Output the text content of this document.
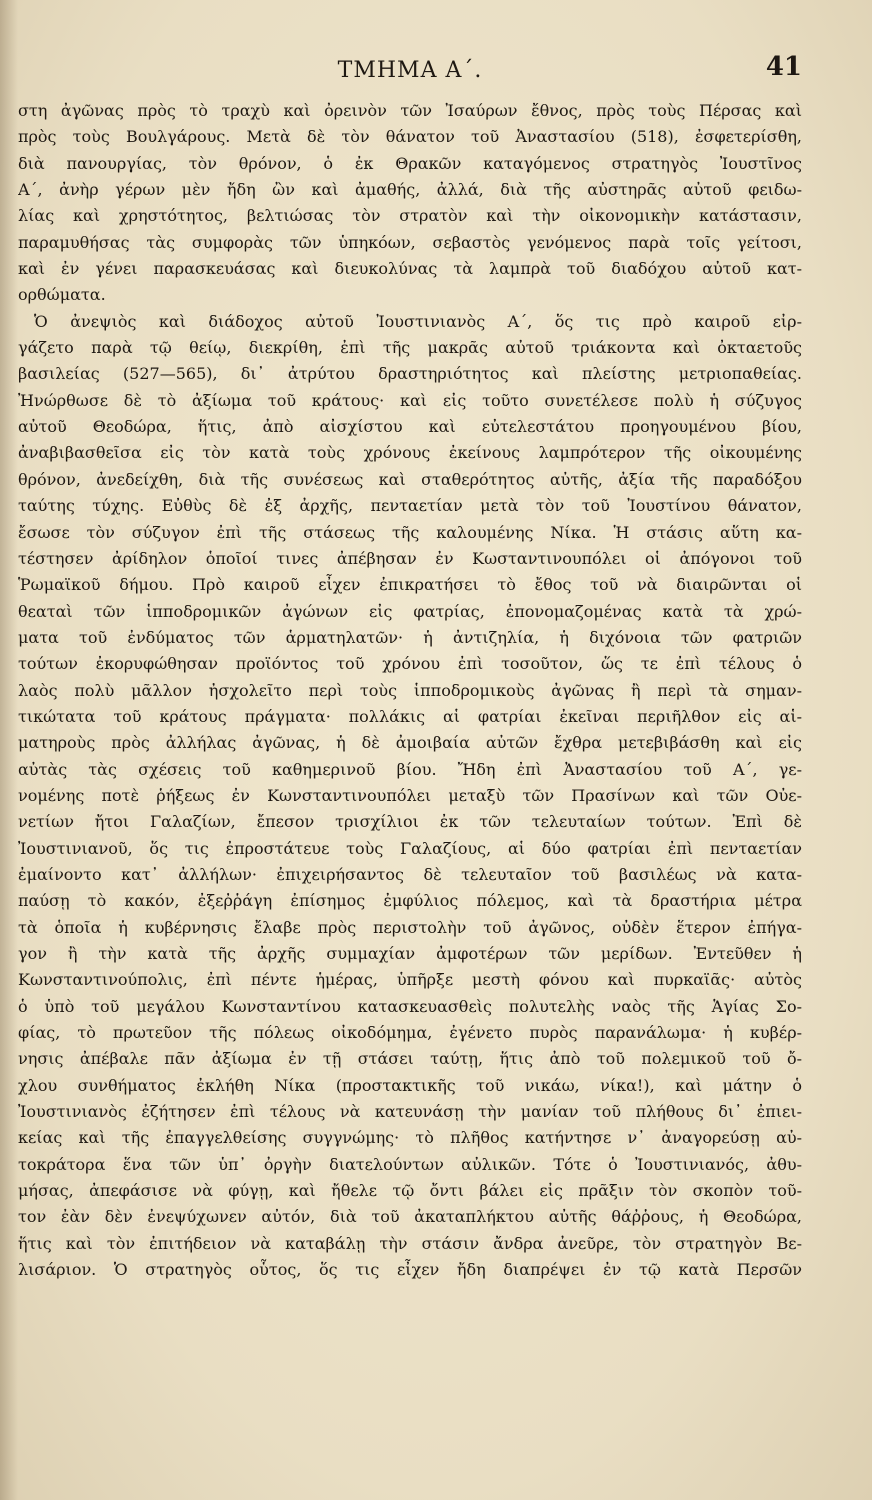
ΤΜΗΜΑ Α΄.	41
στη ἀγῶνας πρὸς τὸ τραχὺ καὶ ὀρεινὸν τῶν Ἰσαύρων ἔθνος, πρὸς τοὺς Πέρσας καὶ
πρὸς τοὺς Βουλγάρους. Μετὰ δὲ τὸν θάνατον τοῦ Ἀναστασίου (518), ἐσφετερίσθη,
διὰ πανουργίας, τὸν θρόνον, ὁ ἐκ Θρακῶν καταγόμενος στρατηγὸς Ἰουστῖνος
Α΄, ἀνὴρ γέρων μὲν ἤδη ὢν καὶ ἀμαθής, ἀλλά, διὰ τῆς αὐστηρᾶς αὐτοῦ φειδω-
λίας καὶ χρηστότητος, βελτιώσας τὸν στρατὸν καὶ τὴν οἰκονομικὴν κατάστασιν,
παραμυθήσας τὰς συμφορὰς τῶν ὑπηκόων, σεβαστὸς γενόμενος παρὰ τοῖς γείτοσι,
καὶ ἐν γένει παρασκευάσας καὶ διευκολύνας τὰ λαμπρὰ τοῦ διαδόχου αὐτοῦ κατ-
ορθώματα.
Ὁ ἀνεψιὸς καὶ διάδοχος αὐτοῦ Ἰουστινιανὸς Α΄, ὅς τις πρὸ καιροῦ εἰρ-
γάζετο παρὰ τῷ θείῳ, διεκρίθη, ἐπὶ τῆς μακρᾶς αὐτοῦ τριάκοντα καὶ ὀκταετοῦς
βασιλείας (527—565), δι᾽ ἀτρύτου δραστηριότητος καὶ πλείστης μετριοπαθείας.
Ἠνώρθωσε δὲ τὸ ἀξίωμα τοῦ κράτους· καὶ εἰς τοῦτο συνετέλεσε πολὺ ἡ σύζυγος
αὐτοῦ Θεοδώρα, ἥτις, ἀπὸ αἰσχίστου καὶ εὐτελεστάτου προηγουμένου βίου,
ἀναβιβασθεῖσα εἰς τὸν κατὰ τοὺς χρόνους ἐκείνους λαμπρότερον τῆς οἰκουμένης
θρόνον, ἀνεδείχθη, διὰ τῆς συνέσεως καὶ σταθερότητος αὐτῆς, ἀξία τῆς παραδόξου
ταύτης τύχης. Εὐθὺς δὲ ἐξ ἀρχῆς, πενταετίαν μετὰ τὸν τοῦ Ἰουστίνου θάνατον,
ἔσωσε τὸν σύζυγον ἐπὶ τῆς στάσεως τῆς καλουμένης Νίκα. Ἡ στάσις αὕτη κα-
τέστησεν ἀρίδηλον ὁποῖοί τινες ἀπέβησαν ἐν Κωσταντινουπόλει οἱ ἀπόγονοι τοῦ
Ῥωμαϊκοῦ δήμου. Πρὸ καιροῦ εἶχεν ἐπικρατήσει τὸ ἔθος τοῦ νὰ διαιρῶνται οἱ
θεαταὶ τῶν ἱπποδρομικῶν ἀγώνων εἰς φατρίας, ἐπονομαζομένας κατὰ τὰ χρώ-
ματα τοῦ ἐνδύματος τῶν ἁρματηλατῶν· ἡ ἀντιζηλία, ἡ διχόνοια τῶν φατριῶν
τούτων ἐκορυφώθησαν προϊόντος τοῦ χρόνου ἐπὶ τοσοῦτον, ὥς τε ἐπὶ τέλους ὁ
λαὸς πολὺ μᾶλλον ἠσχολεῖτο περὶ τοὺς ἱπποδρομικοὺς ἀγῶνας ἢ περὶ τὰ σημαν-
τικώτατα τοῦ κράτους πράγματα· πολλάκις αἱ φατρίαι ἐκεῖναι περιῆλθον εἰς αἱ-
ματηροὺς πρὸς ἀλλήλας ἀγῶνας, ἡ δὲ ἀμοιβαία αὐτῶν ἔχθρα μετεβιβάσθη καὶ εἰς
αὐτὰς τὰς σχέσεις τοῦ καθημερινοῦ βίου. Ἤδη ἐπὶ Ἀναστασίου τοῦ Α΄, γε-
νομένης ποτὲ ῥήξεως ἐν Κωνσταντινουπόλει μεταξὺ τῶν Πρασίνων καὶ τῶν Οὐε-
νετίων ἤτοι Γαλαζίων, ἔπεσον τρισχίλιοι ἐκ τῶν τελευταίων τούτων. Ἐπὶ δὲ
Ἰουστινιανοῦ, ὅς τις ἐπροστάτευε τοὺς Γαλαζίους, αἱ δύο φατρίαι ἐπὶ πενταετίαν
ἐμαίνοντο κατ᾽ ἀλλήλων· ἐπιχειρήσαντος δὲ τελευταῖον τοῦ βασιλέως νὰ κατα-
παύσῃ τὸ κακόν, ἐξεῤῥάγη ἐπίσημος ἐμφύλιος πόλεμος, καὶ τὰ δραστήρια μέτρα
τὰ ὁποῖα ἡ κυβέρνησις ἔλαβε πρὸς περιστολὴν τοῦ ἀγῶνος, οὐδὲν ἕτερον ἐπήγα-
γον ἢ τὴν κατὰ τῆς ἀρχῆς συμμαχίαν ἀμφοτέρων τῶν μερίδων. Ἐντεῦθεν ἡ
Κωνσταντινούπολις, ἐπὶ πέντε ἡμέρας, ὑπῆρξε μεστὴ φόνου καὶ πυρκαϊᾶς· αὐτὸς
ὁ ὑπὸ τοῦ μεγάλου Κωνσταντίνου κατασκευασθεὶς πολυτελὴς ναὸς τῆς Ἁγίας Σο-
φίας, τὸ πρωτεῦον τῆς πόλεως οἰκοδόμημα, ἐγένετο πυρὸς παρανάλωμα· ἡ κυβέρ-
νησις ἀπέβαλε πᾶν ἀξίωμα ἐν τῇ στάσει ταύτῃ, ἥτις ἀπὸ τοῦ πολεμικοῦ τοῦ ὄ-
χλου συνθήματος ἐκλήθη Νίκα (προστακτικῆς τοῦ νικάω, νίκα!), καὶ μάτην ὁ
Ἰουστινιανὸς ἐζήτησεν ἐπὶ τέλους νὰ κατευνάσῃ τὴν μανίαν τοῦ πλήθους δι᾽ ἐπιει-
κείας καὶ τῆς ἐπαγγελθείσης συγγνώμης· τὸ πλῆθος κατήντησε ν᾽ ἀναγορεύσῃ αὐ-
τοκράτορα ἕνα τῶν ὑπ᾽ ὀργὴν διατελούντων αὐλικῶν. Τότε ὁ Ἰουστινιανός, ἀθυ-
μήσας, ἀπεφάσισε νὰ φύγῃ, καὶ ἤθελε τῷ ὄντι βάλει εἰς πρᾶξιν τὸν σκοπὸν τοῦ-
τον ἐὰν δὲν ἐνεψύχωνεν αὐτόν, διὰ τοῦ ἀκαταπλήκτου αὐτῆς θάῤῥους, ἡ Θεοδώρα,
ἥτις καὶ τὸν ἐπιτήδειον νὰ καταβάλῃ τὴν στάσιν ἄνδρα ἀνεῦρε, τὸν στρατηγὸν Βε-
λισάριον. Ὁ στρατηγὸς οὗτος, ὅς τις εἶχεν ἤδη διαπρέψει ἐν τῷ κατὰ Περσῶν
